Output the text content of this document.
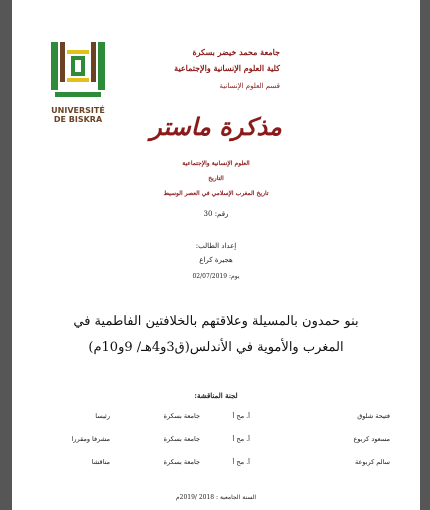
UNIVERSITÉ
DE BISKRA
جامعة محمد خيضر بسكرة
كلية العلوم الإنسانية والإجتماعية
قسم العلوم الإنسانية
مذكرة ماستر
العلوم الإنسانية والإجتماعية
التاريخ
تاريخ المغرب الإسلامي في العصر الوسيط
رقم: 30
إعداد الطالب:
هجيرة كراع
يوم: 02/07/2019
بنو حمدون بالمسيلة وعلاقتهم بالخلافتين الفاطمية في
المغرب والأموية في الأندلس(ق3و4هـ/ 9و10م)
لجنة المناقشة:
فتيحة شلوق
أ. مح أ
جامعة بسكرة
رئيسا
مسعود كربوع
أ. مح أ
جامعة بسكرة
مشرفا ومقررا
سالم كربوعة
أ. مح أ
جامعة بسكرة
مناقشا
السنة الجامعية : 2018 /2019م
